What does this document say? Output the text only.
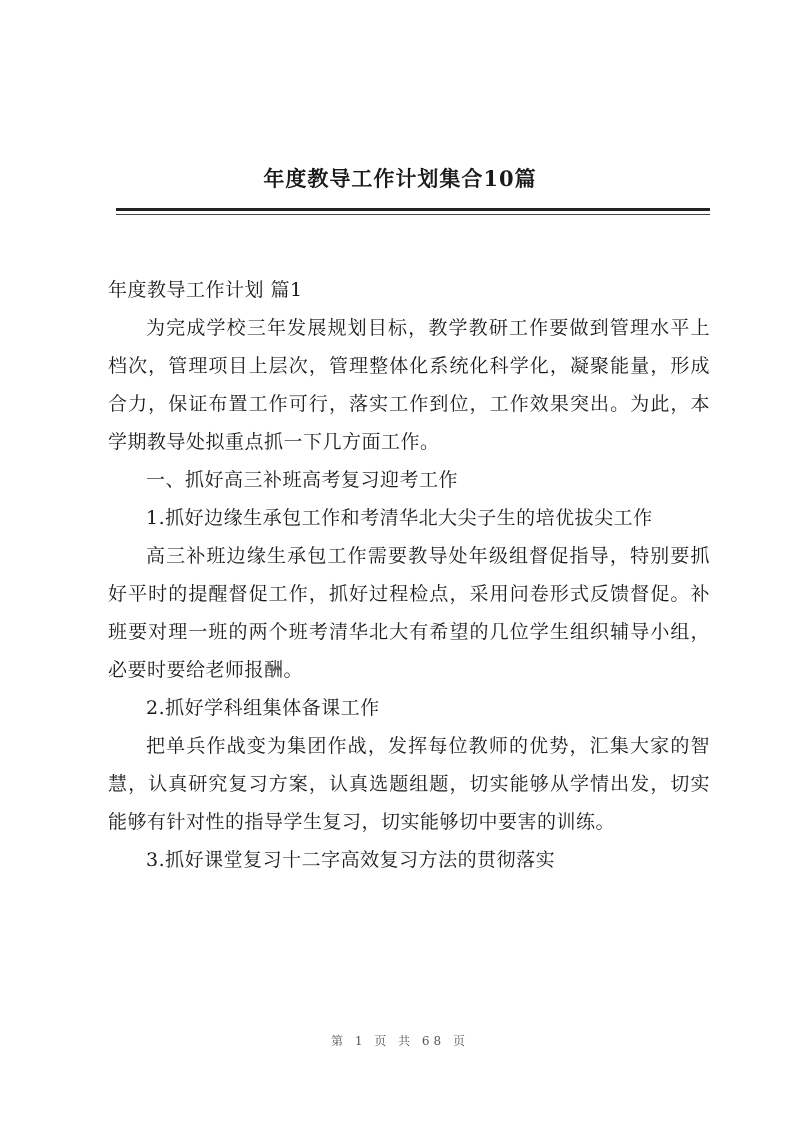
年度教导工作计划集合10篇

年度教导工作计划 篇1

为完成学校三年发展规划目标，教学教研工作要做到管理水平上档次，管理项目上层次，管理整体化系统化科学化，凝聚能量，形成合力，保证布置工作可行，落实工作到位，工作效果突出。为此，本学期教导处拟重点抓一下几方面工作。

一、抓好高三补班高考复习迎考工作

1.抓好边缘生承包工作和考清华北大尖子生的培优拔尖工作

高三补班边缘生承包工作需要教导处年级组督促指导，特别要抓好平时的提醒督促工作，抓好过程检点，采用问卷形式反馈督促。补班要对理一班的两个班考清华北大有希望的几位学生组织辅导小组，必要时要给老师报酬。

2.抓好学科组集体备课工作

把单兵作战变为集团作战，发挥每位教师的优势，汇集大家的智慧，认真研究复习方案，认真选题组题，切实能够从学情出发，切实能够有针对性的指导学生复习，切实能够切中要害的训练。

3.抓好课堂复习十二字高效复习方法的贯彻落实

第 1 页 共 68 页
